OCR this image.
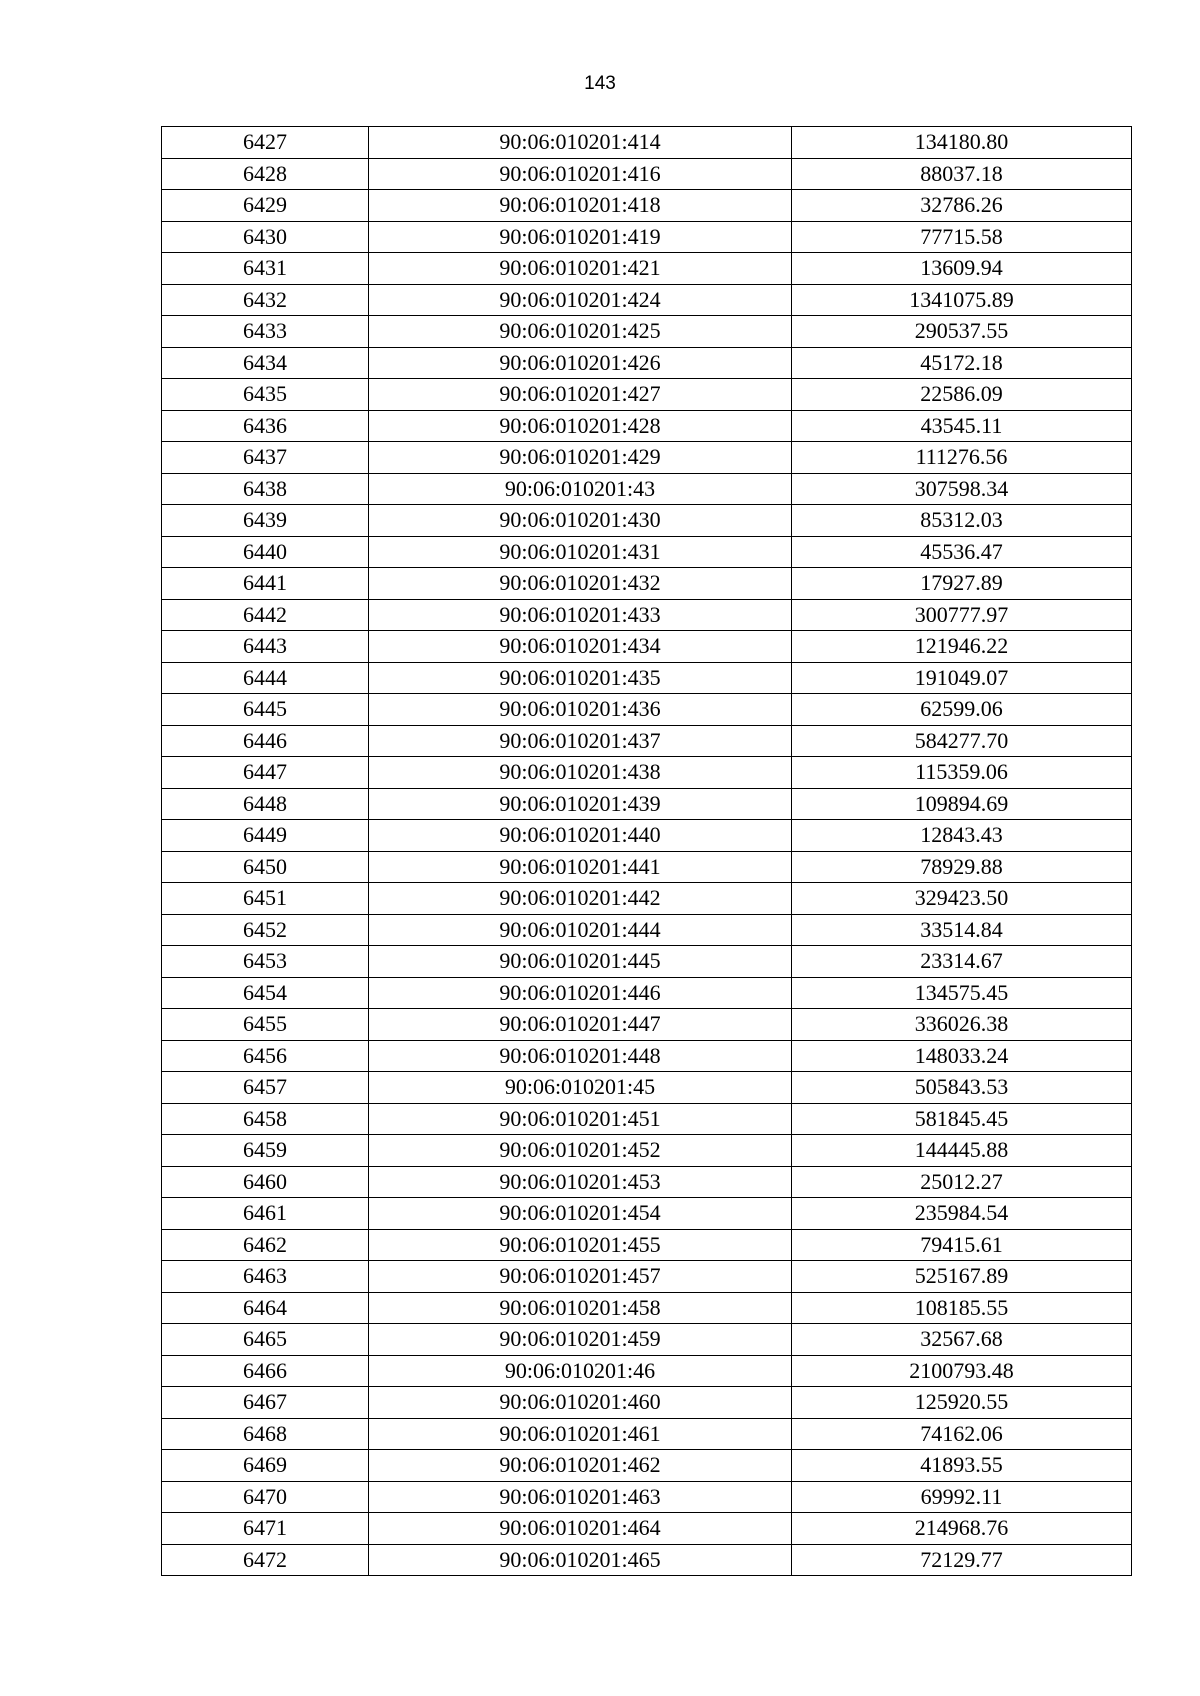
143
6427	90:06:010201:414	134180.80
6428	90:06:010201:416	88037.18
6429	90:06:010201:418	32786.26
6430	90:06:010201:419	77715.58
6431	90:06:010201:421	13609.94
6432	90:06:010201:424	1341075.89
6433	90:06:010201:425	290537.55
6434	90:06:010201:426	45172.18
6435	90:06:010201:427	22586.09
6436	90:06:010201:428	43545.11
6437	90:06:010201:429	111276.56
6438	90:06:010201:43	307598.34
6439	90:06:010201:430	85312.03
6440	90:06:010201:431	45536.47
6441	90:06:010201:432	17927.89
6442	90:06:010201:433	300777.97
6443	90:06:010201:434	121946.22
6444	90:06:010201:435	191049.07
6445	90:06:010201:436	62599.06
6446	90:06:010201:437	584277.70
6447	90:06:010201:438	115359.06
6448	90:06:010201:439	109894.69
6449	90:06:010201:440	12843.43
6450	90:06:010201:441	78929.88
6451	90:06:010201:442	329423.50
6452	90:06:010201:444	33514.84
6453	90:06:010201:445	23314.67
6454	90:06:010201:446	134575.45
6455	90:06:010201:447	336026.38
6456	90:06:010201:448	148033.24
6457	90:06:010201:45	505843.53
6458	90:06:010201:451	581845.45
6459	90:06:010201:452	144445.88
6460	90:06:010201:453	25012.27
6461	90:06:010201:454	235984.54
6462	90:06:010201:455	79415.61
6463	90:06:010201:457	525167.89
6464	90:06:010201:458	108185.55
6465	90:06:010201:459	32567.68
6466	90:06:010201:46	2100793.48
6467	90:06:010201:460	125920.55
6468	90:06:010201:461	74162.06
6469	90:06:010201:462	41893.55
6470	90:06:010201:463	69992.11
6471	90:06:010201:464	214968.76
6472	90:06:010201:465	72129.77
